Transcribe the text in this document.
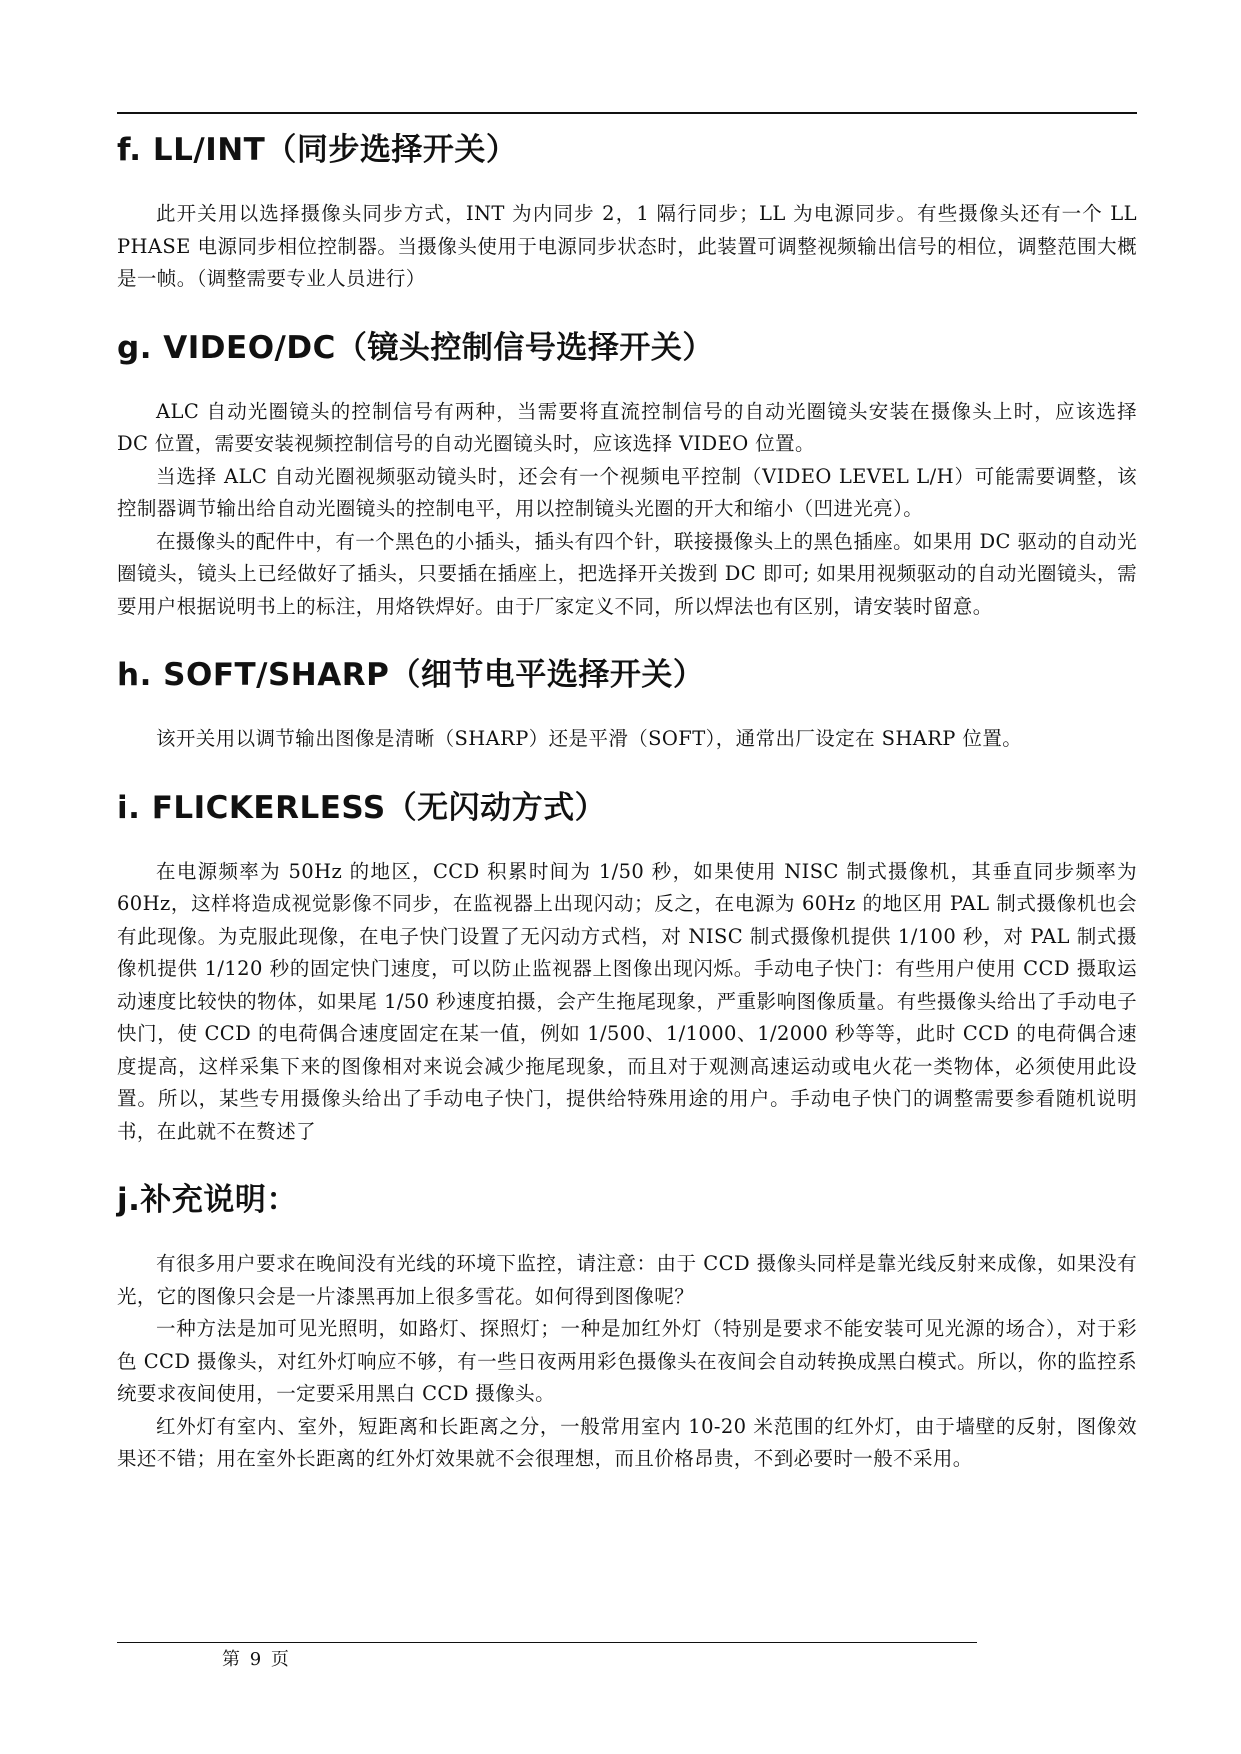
f. LL/INT（同步选择开关）

此开关用以选择摄像头同步方式，INT 为内同步 2，1 隔行同步；LL 为电源同步。有些摄像头还有一个 LL PHASE 电源同步相位控制器。当摄像头使用于电源同步状态时，此装置可调整视频输出信号的相位，调整范围大概是一帧。（调整需要专业人员进行）

g. VIDEO/DC（镜头控制信号选择开关）

ALC 自动光圈镜头的控制信号有两种，当需要将直流控制信号的自动光圈镜头安装在摄像头上时，应该选择 DC 位置，需要安装视频控制信号的自动光圈镜头时，应该选择 VIDEO 位置。

当选择 ALC 自动光圈视频驱动镜头时，还会有一个视频电平控制（VIDEO LEVEL L/H）可能需要调整，该控制器调节输出给自动光圈镜头的控制电平，用以控制镜头光圈的开大和缩小（凹进光亮）。

在摄像头的配件中，有一个黑色的小插头，插头有四个针，联接摄像头上的黑色插座。如果用 DC 驱动的自动光圈镜头，镜头上已经做好了插头，只要插在插座上，把选择开关拨到 DC 即可; 如果用视频驱动的自动光圈镜头，需要用户根据说明书上的标注，用烙铁焊好。由于厂家定义不同，所以焊法也有区别，请安装时留意。

h. SOFT/SHARP（细节电平选择开关）

该开关用以调节输出图像是清晰（SHARP）还是平滑（SOFT），通常出厂设定在 SHARP 位置。

i. FLICKERLESS（无闪动方式）

在电源频率为 50Hz 的地区，CCD 积累时间为 1/50 秒，如果使用 NISC 制式摄像机，其垂直同步频率为 60Hz，这样将造成视觉影像不同步，在监视器上出现闪动；反之，在电源为 60Hz 的地区用 PAL 制式摄像机也会有此现像。为克服此现像，在电子快门设置了无闪动方式档，对 NISC 制式摄像机提供 1/100 秒，对 PAL 制式摄像机提供 1/120 秒的固定快门速度，可以防止监视器上图像出现闪烁。手动电子快门：有些用户使用 CCD 摄取运动速度比较快的物体，如果尾 1/50 秒速度拍摄，会产生拖尾现象，严重影响图像质量。有些摄像头给出了手动电子快门，使 CCD 的电荷偶合速度固定在某一值，例如 1/500、1/1000、1/2000 秒等等，此时 CCD 的电荷偶合速度提高，这样采集下来的图像相对来说会减少拖尾现象，而且对于观测高速运动或电火花一类物体，必须使用此设置。所以，某些专用摄像头给出了手动电子快门，提供给特殊用途的用户。手动电子快门的调整需要参看随机说明书，在此就不在赘述了

j.补充说明：

有很多用户要求在晚间没有光线的环境下监控，请注意：由于 CCD 摄像头同样是靠光线反射来成像，如果没有光，它的图像只会是一片漆黑再加上很多雪花。如何得到图像呢？

一种方法是加可见光照明，如路灯、探照灯；一种是加红外灯（特别是要求不能安装可见光源的场合），对于彩色 CCD 摄像头，对红外灯响应不够，有一些日夜两用彩色摄像头在夜间会自动转换成黑白模式。所以，你的监控系统要求夜间使用，一定要采用黑白 CCD 摄像头。

红外灯有室内、室外，短距离和长距离之分，一般常用室内 10-20 米范围的红外灯，由于墙壁的反射，图像效果还不错；用在室外长距离的红外灯效果就不会很理想，而且价格昂贵，不到必要时一般不采用。

第 9 页
